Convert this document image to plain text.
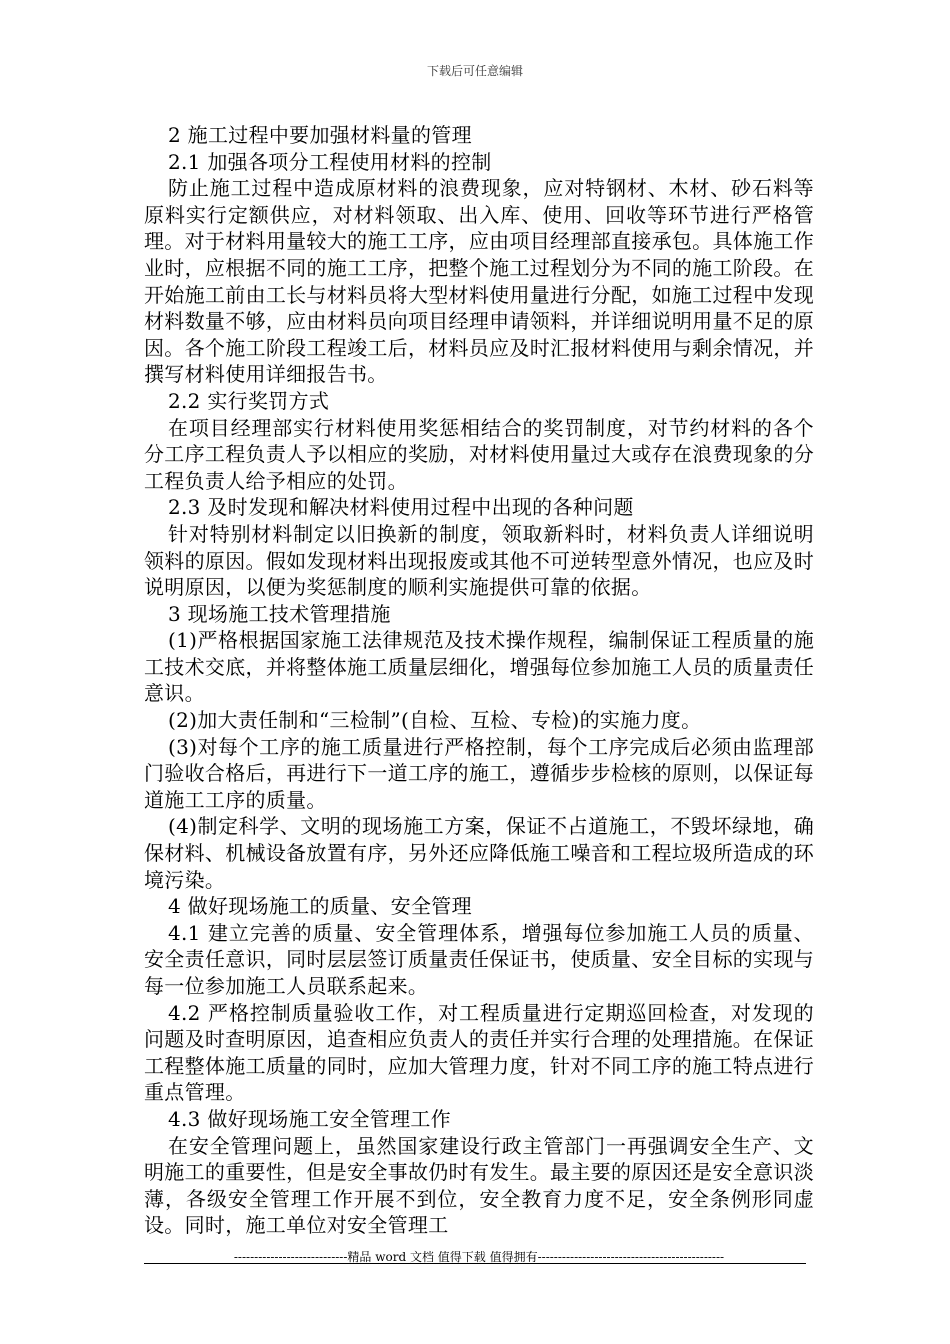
下载后可任意编辑

2 施工过程中要加强材料量的管理

2.1 加强各项分工程使用材料的控制

防止施工过程中造成原材料的浪费现象，应对特钢材、木材、砂石料等原料实行定额供应，对材料领取、出入库、使用、回收等环节进行严格管理。对于材料用量较大的施工工序，应由项目经理部直接承包。具体施工作业时，应根据不同的施工工序，把整个施工过程划分为不同的施工阶段。在开始施工前由工长与材料员将大型材料使用量进行分配，如施工过程中发现材料数量不够，应由材料员向项目经理申请领料，并详细说明用量不足的原因。各个施工阶段工程竣工后，材料员应及时汇报材料使用与剩余情况，并撰写材料使用详细报告书。

2.2 实行奖罚方式

在项目经理部实行材料使用奖惩相结合的奖罚制度，对节约材料的各个分工序工程负责人予以相应的奖励，对材料使用量过大或存在浪费现象的分工程负责人给予相应的处罚。

2.3 及时发现和解决材料使用过程中出现的各种问题

针对特别材料制定以旧换新的制度，领取新料时，材料负责人详细说明领料的原因。假如发现材料出现报废或其他不可逆转型意外情况，也应及时说明原因，以便为奖惩制度的顺利实施提供可靠的依据。

3 现场施工技术管理措施

(1)严格根据国家施工法律规范及技术操作规程，编制保证工程质量的施工技术交底，并将整体施工质量层细化，增强每位参加施工人员的质量责任意识。

(2)加大责任制和“三检制”(自检、互检、专检)的实施力度。

(3)对每个工序的施工质量进行严格控制，每个工序完成后必须由监理部门验收合格后，再进行下一道工序的施工，遵循步步检核的原则，以保证每道施工工序的质量。

(4)制定科学、文明的现场施工方案，保证不占道施工，不毁坏绿地，确保材料、机械设备放置有序，另外还应降低施工噪音和工程垃圾所造成的环境污染。

4 做好现场施工的质量、安全管理

4.1 建立完善的质量、安全管理体系，增强每位参加施工人员的质量、安全责任意识，同时层层签订质量责任保证书，使质量、安全目标的实现与每一位参加施工人员联系起来。

4.2 严格控制质量验收工作，对工程质量进行定期巡回检查，对发现的问题及时查明原因，追查相应负责人的责任并实行合理的处理措施。在保证工程整体施工质量的同时，应加大管理力度，针对不同工序的施工特点进行重点管理。

4.3 做好现场施工安全管理工作

在安全管理问题上，虽然国家建设行政主管部门一再强调安全生产、文明施工的重要性，但是安全事故仍时有发生。最主要的原因还是安全意识淡薄，各级安全管理工作开展不到位，安全教育力度不足，安全条例形同虚设。同时，施工单位对安全管理工

----------------------------精品 word 文档 值得下载 值得拥有----------------------------------------------
